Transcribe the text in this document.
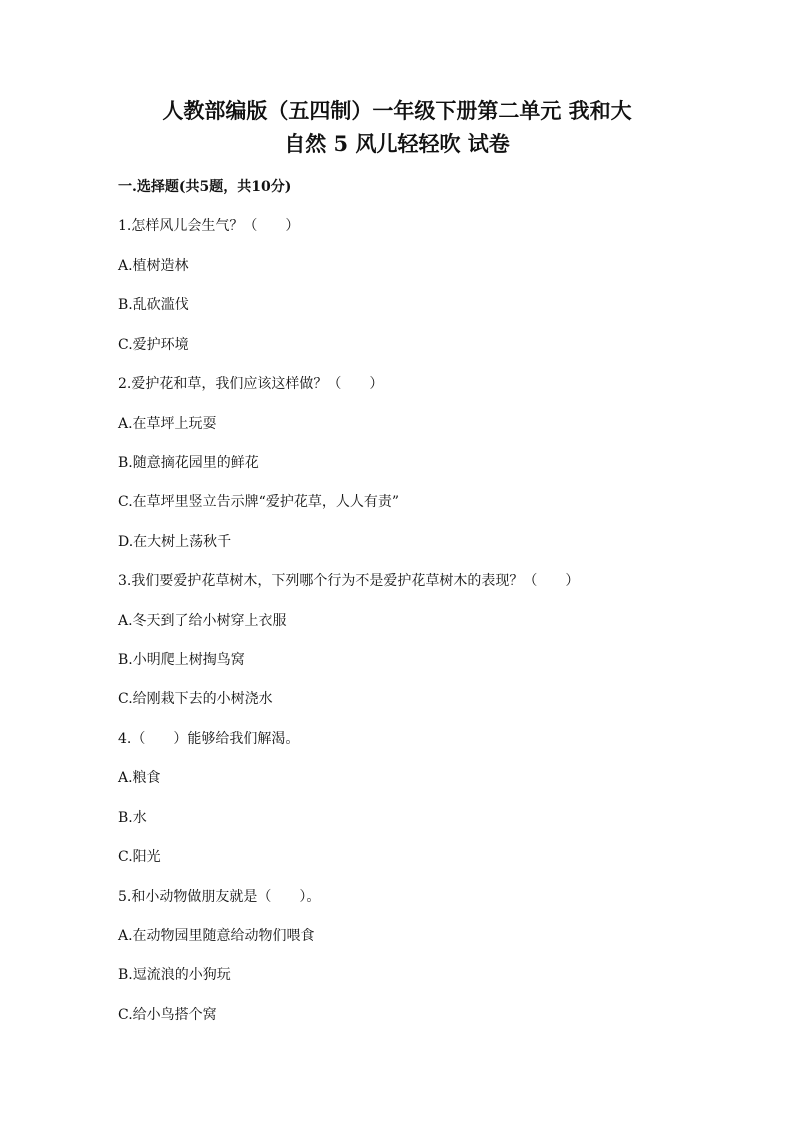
人教部编版（五四制）一年级下册第二单元 我和大
自然 5 风儿轻轻吹 试卷

一.选择题(共5题，共10分)

1.怎样风儿会生气？（　　）

A.植树造林

B.乱砍滥伐

C.爱护环境

2.爱护花和草，我们应该这样做？（　　）

A.在草坪上玩耍

B.随意摘花园里的鲜花

C.在草坪里竖立告示牌“爱护花草，人人有责”

D.在大树上荡秋千

3.我们要爱护花草树木，下列哪个行为不是爱护花草树木的表现？（　　）

A.冬天到了给小树穿上衣服

B.小明爬上树掏鸟窝

C.给刚栽下去的小树浇水

4.（　　）能够给我们解渴。

A.粮食

B.水

C.阳光

5.和小动物做朋友就是（　　）。

A.在动物园里随意给动物们喂食

B.逗流浪的小狗玩

C.给小鸟搭个窝
